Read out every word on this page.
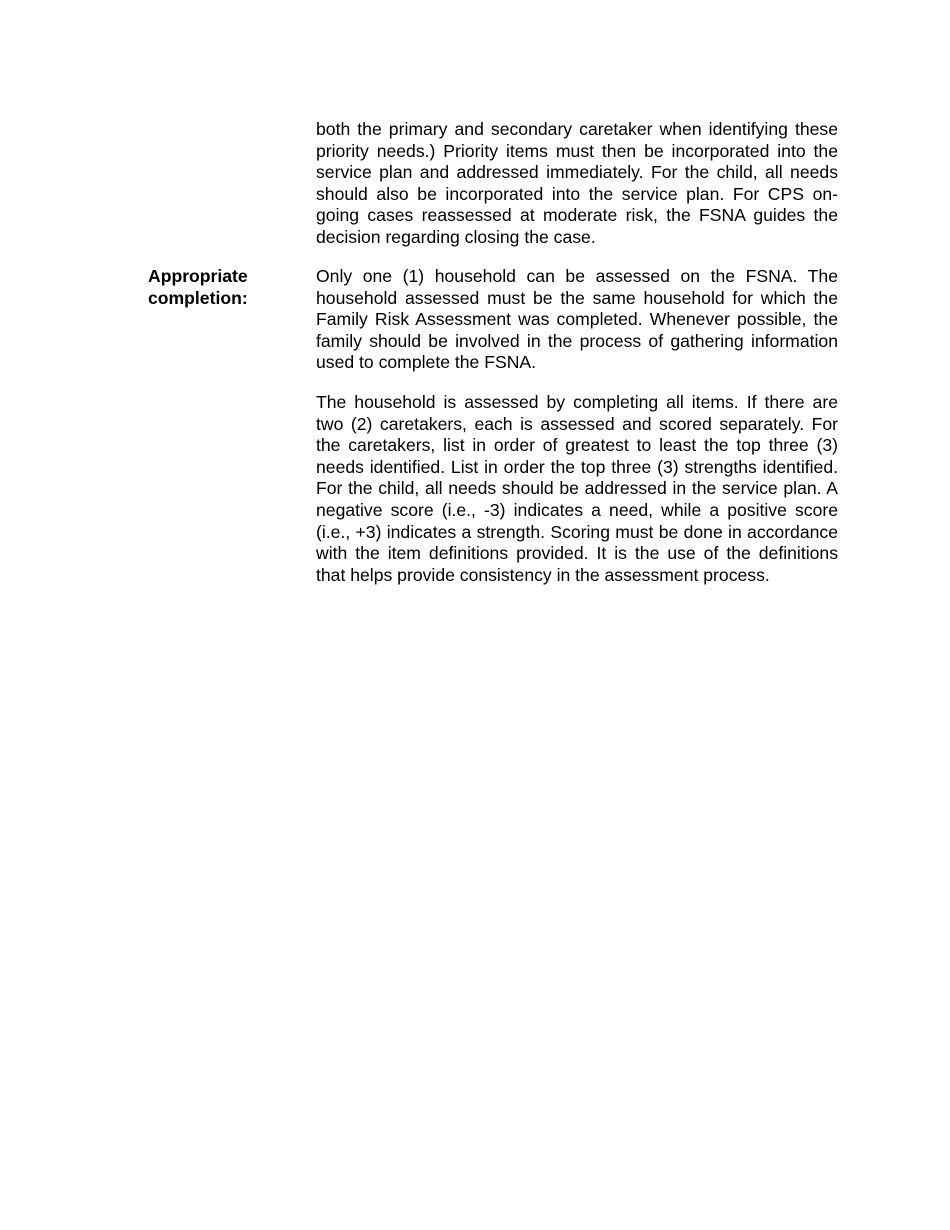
both the primary and secondary caretaker when identifying these priority needs.) Priority items must then be incorporated into the service plan and addressed immediately. For the child, all needs should also be incorporated into the service plan. For CPS on-going cases reassessed at moderate risk, the FSNA guides the decision regarding closing the case.

Appropriate
completion:

Only one (1) household can be assessed on the FSNA. The household assessed must be the same household for which the Family Risk Assessment was completed. Whenever possible, the family should be involved in the process of gathering information used to complete the FSNA.

The household is assessed by completing all items. If there are two (2) caretakers, each is assessed and scored separately. For the caretakers, list in order of greatest to least the top three (3) needs identified. List in order the top three (3) strengths identified. For the child, all needs should be addressed in the service plan. A negative score (i.e., -3) indicates a need, while a positive score (i.e., +3) indicates a strength. Scoring must be done in accordance with the item definitions provided. It is the use of the definitions that helps provide consistency in the assessment process.
